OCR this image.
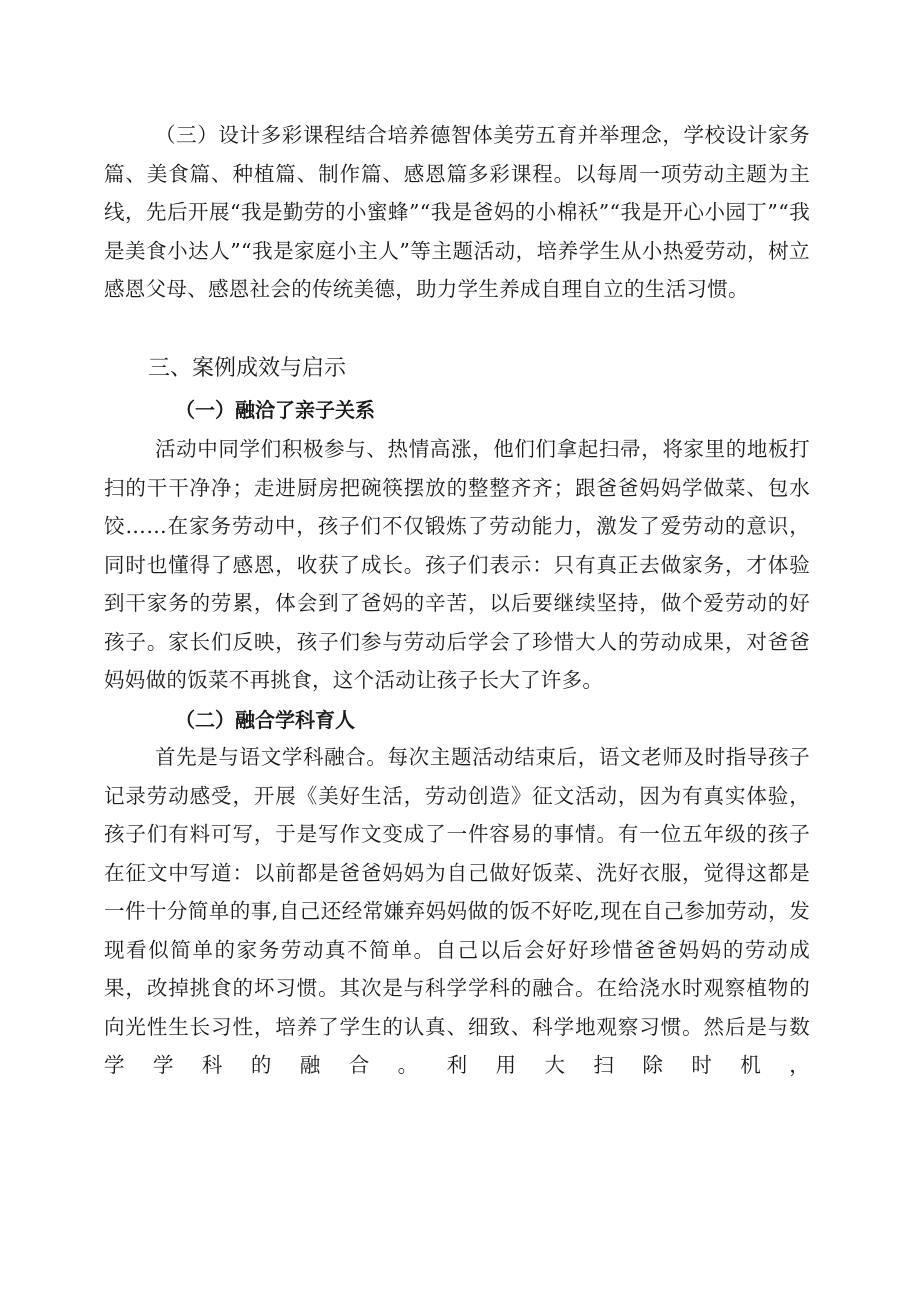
（三）设计多彩课程结合培养德智体美劳五育并举理念，学校设计家务篇、美食篇、种植篇、制作篇、感恩篇多彩课程。以每周一项劳动主题为主线，先后开展“我是勤劳的小蜜蜂”“我是爸妈的小棉袄”“我是开心小园丁”“我是美食小达人”“我是家庭小主人”等主题活动，培养学生从小热爱劳动，树立感恩父母、感恩社会的传统美德，助力学生养成自理自立的生活习惯。

三、案例成效与启示
（一）融洽了亲子关系

活动中同学们积极参与、热情高涨，他们们拿起扫帚，将家里的地板打扫的干干净净；走进厨房把碗筷摆放的整整齐齐；跟爸爸妈妈学做菜、包水饺……在家务劳动中，孩子们不仅锻炼了劳动能力，激发了爱劳动的意识，同时也懂得了感恩，收获了成长。孩子们表示：只有真正去做家务，才体验到干家务的劳累，体会到了爸妈的辛苦，以后要继续坚持，做个爱劳动的好孩子。家长们反映，孩子们参与劳动后学会了珍惜大人的劳动成果，对爸爸妈妈做的饭菜不再挑食，这个活动让孩子长大了许多。

（二）融合学科育人

首先是与语文学科融合。每次主题活动结束后，语文老师及时指导孩子记录劳动感受，开展《美好生活，劳动创造》征文活动，因为有真实体验，孩子们有料可写，于是写作文变成了一件容易的事情。有一位五年级的孩子在征文中写道：以前都是爸爸妈妈为自己做好饭菜、洗好衣服，觉得这都是一件十分简单的事,自己还经常嫌弃妈妈做的饭不好吃,现在自己参加劳动，发现看似简单的家务劳动真不简单。自己以后会好好珍惜爸爸妈妈的劳动成果，改掉挑食的坏习惯。其次是与科学学科的融合。在给浇水时观察植物的向光性生长习性，培养了学生的认真、细致、科学地观察习惯。然后是与数学学科的融合。利用大扫除时机，
